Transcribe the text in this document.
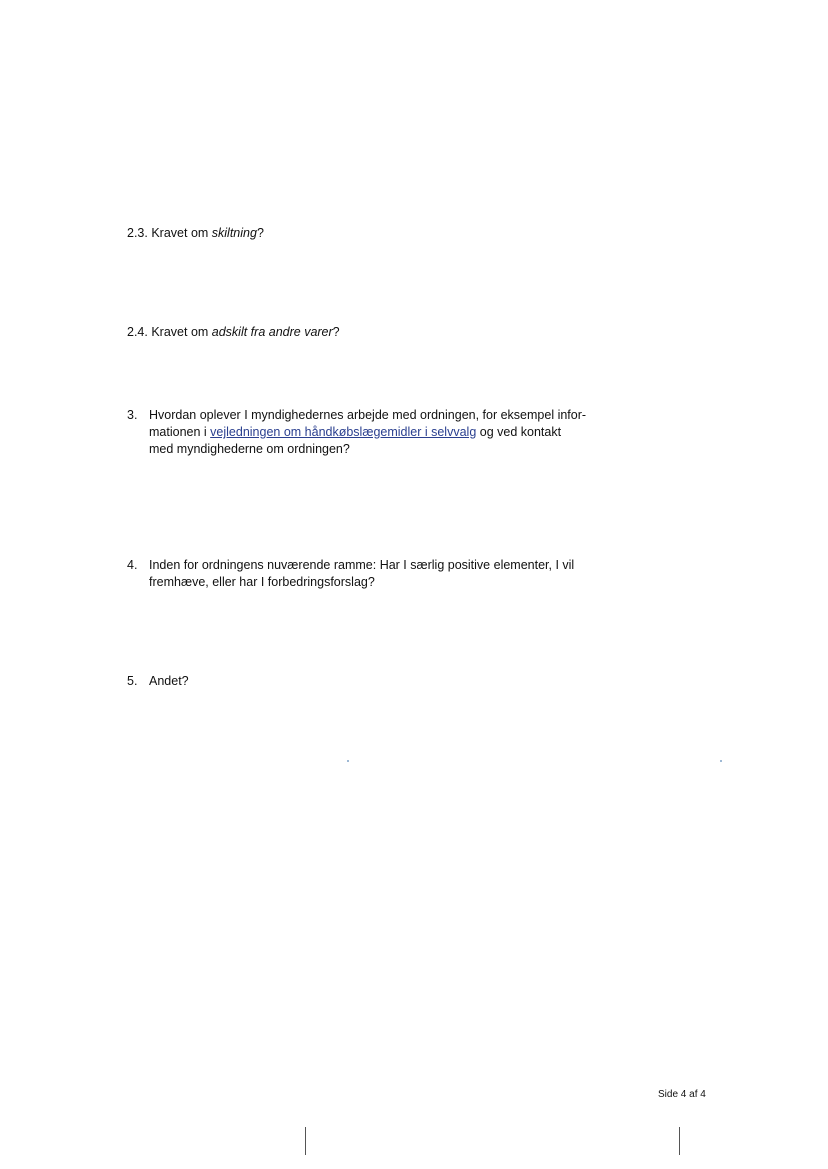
2.3. Kravet om skiltning?
2.4. Kravet om adskilt fra andre varer?
3. Hvordan oplever I myndighedernes arbejde med ordningen, for eksempel infor-
mationen i vejledningen om håndkøbslægemidler i selvvalg og ved kontakt
med myndighederne om ordningen?
4. Inden for ordningens nuværende ramme: Har I særlig positive elementer, I vil
fremhæve, eller har I forbedringsforslag?
5. Andet?
Side 4 af 4
